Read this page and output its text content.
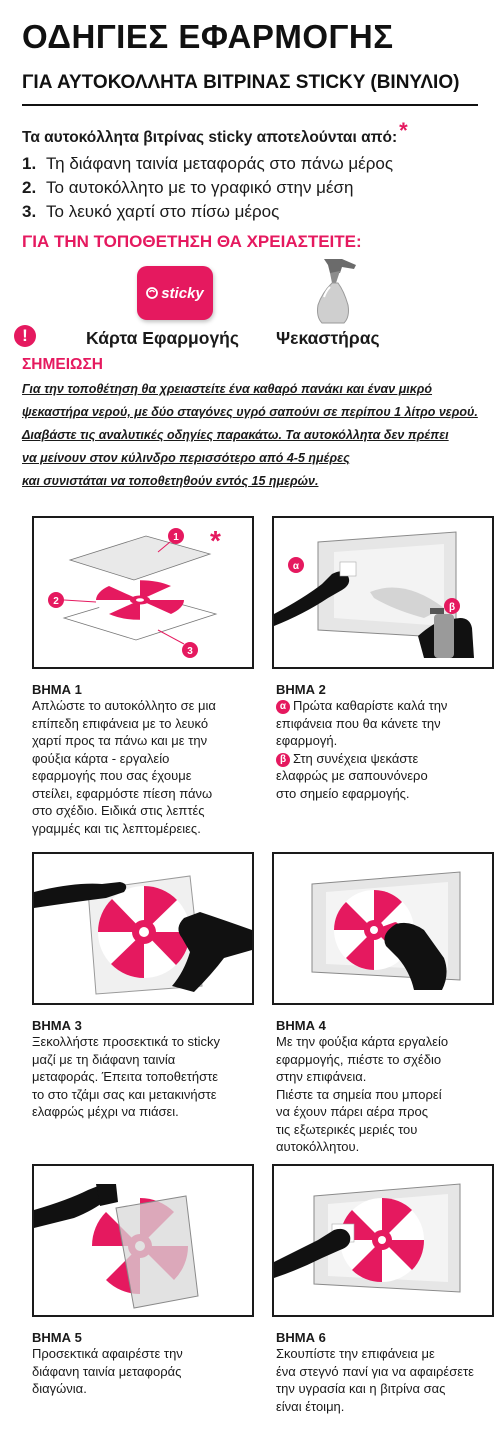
ΟΔΗΓΙΕΣ ΕΦΑΡΜΟΓΗΣ
ΓΙΑ ΑΥΤΟΚΟΛΛΗΤΑ ΒΙΤΡΙΝΑΣ STICKY (ΒΙΝΥΛΙΟ)
Τα αυτοκόλλητα βιτρίνας sticky αποτελούνται από:*
1. Τη διάφανη ταινία μεταφοράς στο πάνω μέρος
2. Το αυτοκόλλητο με το γραφικό στην μέση
3. Το λευκό χαρτί στο πίσω μέρος
ΓΙΑ ΤΗΝ ΤΟΠΟΘΕΤΗΣΗ ΘΑ ΧΡΕΙΑΣΤΕΙΤΕ:
sticky
Κάρτα Εφαρμογής Ψεκαστήρας
!
ΣΗΜΕΙΩΣΗ

Για την τοποθέτηση θα χρειαστείτε ένα καθαρό πανάκι και έναν μικρό
ψεκαστήρα νερού, με δύο σταγόνες υγρό σαπούνι σε περίπου 1 λίτρο νερού.
Διαβάστε τις αναλυτικές οδηγίες παρακάτω. Τα αυτοκόλλητα δεν πρέπει
να μείνουν στον κύλινδρο περισσότερο από 4-5 ημέρες
και συνιστάται να τοποθετηθούν εντός 15 ημερών.

1
2
3
*
ΒΗΜΑ 1
Απλώστε το αυτοκόλλητο σε μια
επίπεδη επιφάνεια με το λευκό
χαρτί προς τα πάνω και με την
φούξια κάρτα - εργαλείο
εφαρμογής που σας έχουμε
στείλει, εφαρμόστε πίεση πάνω
στο σχέδιο. Ειδικά στις λεπτές
γραμμές και τις λεπτομέρειες.
α
β
ΒΗΜΑ 2
α Πρώτα καθαρίστε καλά την
επιφάνεια που θα κάνετε την
εφαρμογή.
β Στη συνέχεια ψεκάστε
ελαφρώς με σαπουνόνερο
στο σημείο εφαρμογής.
ΒΗΜΑ 3
Ξεκολλήστε προσεκτικά το sticky
μαζί με τη διάφανη ταινία
μεταφοράς. Έπειτα τοποθετήστε
το στο τζάμι σας και μετακινήστε
ελαφρώς μέχρι να πιάσει.
ΒΗΜΑ 4
Με την φούξια κάρτα εργαλείο
εφαρμογής, πιέστε το σχέδιο
στην επιφάνεια.
Πιέστε τα σημεία που μπορεί
να έχουν πάρει αέρα προς
τις εξωτερικές μεριές του
αυτοκόλλητου.
ΒΗΜΑ 5
Προσεκτικά αφαιρέστε την
διάφανη ταινία μεταφοράς
διαγώνια.
ΒΗΜΑ 6
Σκουπίστε την επιφάνεια με
ένα στεγνό πανί για να αφαιρέσετε
την υγρασία και η βιτρίνα σας
είναι έτοιμη.
